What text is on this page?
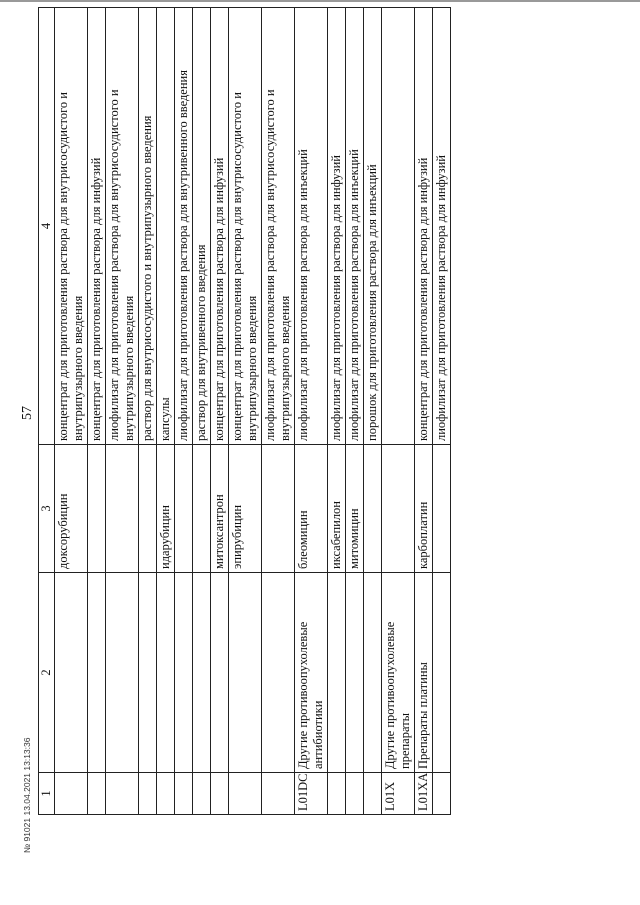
57
1	2	3	4
		доксорубицин	концентрат для приготовления раствора для внутрисосудистого и внутрипузырного введения
			концентрат для приготовления раствора для инфузий
			лиофилизат для приготовления раствора для внутрисосудистого и внутрипузырного введения
			раствор для внутрисосудистого и внутрипузырного введения
		идарубицин	капсулы
			лиофилизат для приготовления раствора для внутривенного введения
			раствор для внутривенного введения
		митоксантрон	концентрат для приготовления раствора для инфузий
		эпирубицин	концентрат для приготовления раствора для внутрисосудистого и внутрипузырного введения
			лиофилизат для приготовления раствора для внутрисосудистого и внутрипузырного введения
L01DC	Другие противоопухолевые антибиотики	блеомицин	лиофилизат для приготовления раствора для инъекций
		иксабепилон	лиофилизат для приготовления раствора для инфузий
		митомицин	лиофилизат для приготовления раствора для инъекций
			порошок для приготовления раствора для инъекций
L01X	Другие противоопухолевые препараты		
L01XA	Препараты платины	карбоплатин	концентрат для приготовления раствора для инфузий
			лиофилизат для приготовления раствора для инфузий
№ 91021 13.04.2021 13:13:36
